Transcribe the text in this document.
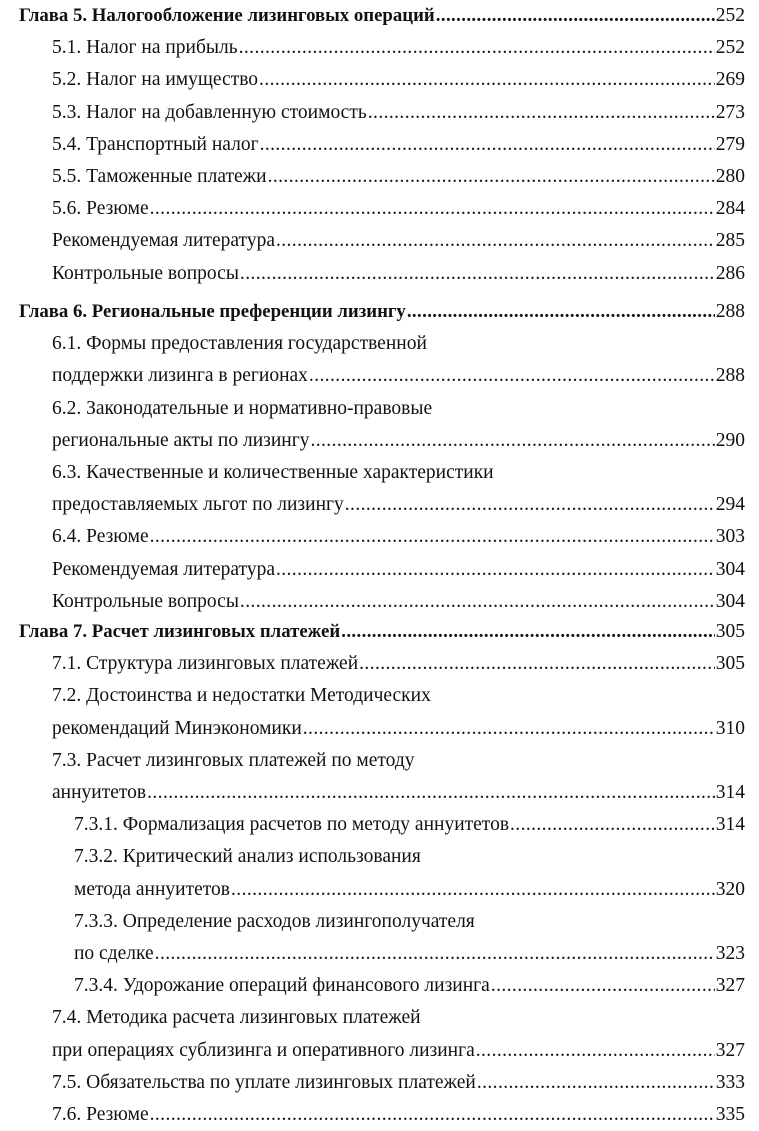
Глава 5. Налогообложение лизинговых операций .....	252
5.1. Налог на прибыль .....	252
5.2. Налог на имущество .....	269
5.3. Налог на добавленную стоимость .....	273
5.4. Транспортный налог .....	279
5.5. Таможенные платежи .....	280
5.6. Резюме .....	284
Рекомендуемая литература .....	285
Контрольные вопросы .....	286
Глава 6. Региональные преференции лизингу .....	288
6.1. Формы предоставления государственной
поддержки лизинга в регионах .....	288
6.2. Законодательные и нормативно-правовые
региональные акты по лизингу .....	290
6.3. Качественные и количественные характеристики
предоставляемых льгот по лизингу .....	294
6.4. Резюме .....	303
Рекомендуемая литература .....	304
Контрольные вопросы .....	304
Глава 7. Расчет лизинговых платежей .....	305
7.1. Структура лизинговых платежей .....	305
7.2. Достоинства и недостатки Методических
рекомендаций Минэкономики .....	310
7.3. Расчет лизинговых платежей по методу
аннуитетов .....	314
7.3.1. Формализация расчетов по методу аннуитетов .....	314
7.3.2. Критический анализ использования
метода аннуитетов .....	320
7.3.3. Определение расходов лизингополучателя
по сделке .....	323
7.3.4. Удорожание операций финансового лизинга .....	327
7.4. Методика расчета лизинговых платежей
при операциях сублизинга и оперативного лизинга .....	327
7.5. Обязательства по уплате лизинговых платежей .....	333
7.6. Резюме .....	335
